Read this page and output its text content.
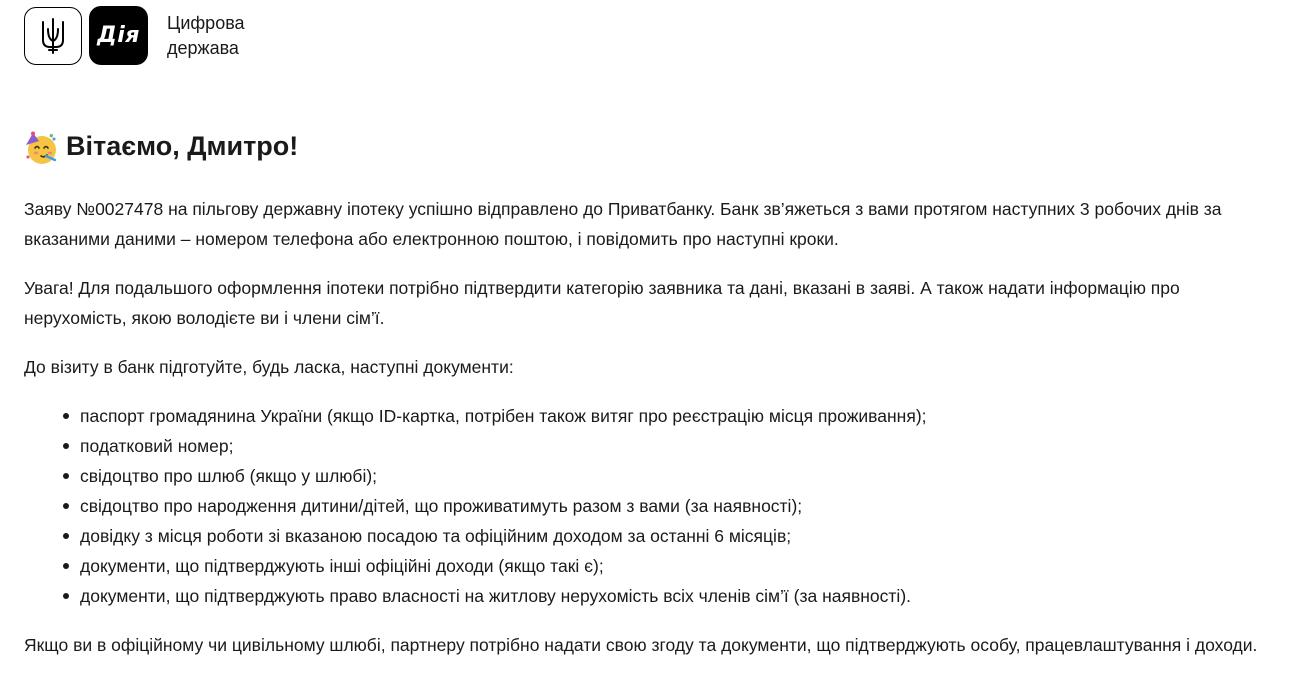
Дія
Цифрова
держава
Вітаємо, Дмитро!

Заяву №0027478 на пільгову державну іпотеку успішно відправлено до Приватбанку. Банк зв’яжеться з вами протягом наступних 3 робочих днів за вказаними даними – номером телефона або електронною поштою, і повідомить про наступні кроки.

Увага! Для подальшого оформлення іпотеки потрібно підтвердити категорію заявника та дані, вказані в заяві. А також надати інформацію про нерухомість, якою володієте ви і члени сім’ї.

До візиту в банк підготуйте, будь ласка, наступні документи:

паспорт громадянина України (якщо ID-картка, потрібен також витяг про реєстрацію місця проживання);
податковий номер;
свідоцтво про шлюб (якщо у шлюбі);
свідоцтво про народження дитини/дітей, що проживатимуть разом з вами (за наявності);
довідку з місця роботи зі вказаною посадою та офіційним доходом за останні 6 місяців;
документи, що підтверджують інші офіційні доходи (якщо такі є);
документи, що підтверджують право власності на житлову нерухомість всіх членів сім’ї (за наявності).

Якщо ви в офіційному чи цивільному шлюбі, партнеру потрібно надати свою згоду та документи, що підтверджують особу, працевлаштування і доходи.
